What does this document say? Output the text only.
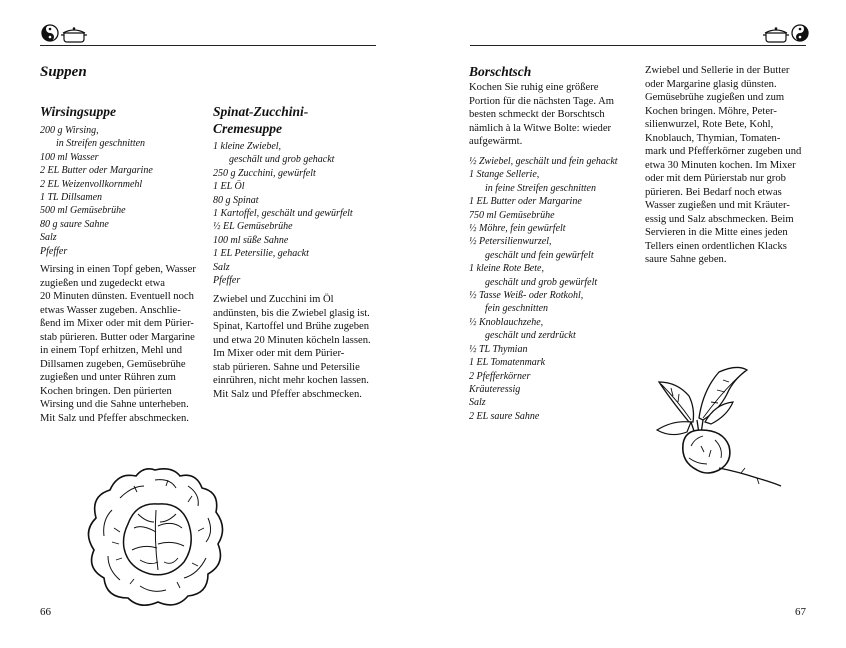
Suppen
Wirsingsuppe
200 g Wirsing,
in Streifen geschnitten
100 ml Wasser
2 EL Butter oder Margarine
2 EL Weizenvollkornmehl
1 TL Dillsamen
500 ml Gemüsebrühe
80 g saure Sahne
Salz
Pfeffer

Wirsing in einen Topf geben, Wasser
zugießen und zugedeckt etwa
20 Minuten dünsten. Eventuell noch
etwas Wasser zugeben. Anschlie-
ßend im Mixer oder mit dem Pürier-
stab pürieren. Butter oder Margarine
in einem Topf erhitzen, Mehl und
Dillsamen zugeben, Gemüsebrühe
zugießen und unter Rühren zum
Kochen bringen. Den pürierten
Wirsing und die Sahne unterheben.
Mit Salz und Pfeffer abschmecken.

Spinat-Zucchini-
Cremesuppe
1 kleine Zwiebel,
geschält und grob gehackt
250 g Zucchini, gewürfelt
1 EL Öl
80 g Spinat
1 Kartoffel, geschält und gewürfelt
½ EL Gemüsebrühe
100 ml süße Sahne
1 EL Petersilie, gehackt
Salz
Pfeffer

Zwiebel und Zucchini im Öl
andünsten, bis die Zwiebel glasig ist.
Spinat, Kartoffel und Brühe zugeben
und etwa 20 Minuten köcheln lassen.
Im Mixer oder mit dem Pürier-
stab pürieren. Sahne und Petersilie
einrühren, nicht mehr kochen lassen.
Mit Salz und Pfeffer abschmecken.

66
Borschtsch

Kochen Sie ruhig eine größere
Portion für die nächsten Tage. Am
besten schmeckt der Borschtsch
nämlich à la Witwe Bolte: wieder
aufgewärmt.

½ Zwiebel, geschält und fein gehackt
1 Stange Sellerie,
in feine Streifen geschnitten
1 EL Butter oder Margarine
750 ml Gemüsebrühe
½ Möhre, fein gewürfelt
½ Petersilienwurzel,
geschält und fein gewürfelt
1 kleine Rote Bete,
geschält und grob gewürfelt
½ Tasse Weiß- oder Rotkohl,
fein geschnitten
½ Knoblauchzehe,
geschält und zerdrückt
½ TL Thymian
1 EL Tomatenmark
2 Pfefferkörner
Kräuteressig
Salz
2 EL saure Sahne

Zwiebel und Sellerie in der Butter
oder Margarine glasig dünsten.
Gemüsebrühe zugießen und zum
Kochen bringen. Möhre, Peter-
silienwurzel, Rote Bete, Kohl,
Knoblauch, Thymian, Tomaten-
mark und Pfefferkörner zugeben und
etwa 30 Minuten kochen. Im Mixer
oder mit dem Pürierstab nur grob
pürieren. Bei Bedarf noch etwas
Wasser zugießen und mit Kräuter-
essig und Salz abschmecken. Beim
Servieren in die Mitte eines jeden
Tellers einen ordentlichen Klacks
saure Sahne geben.

67
